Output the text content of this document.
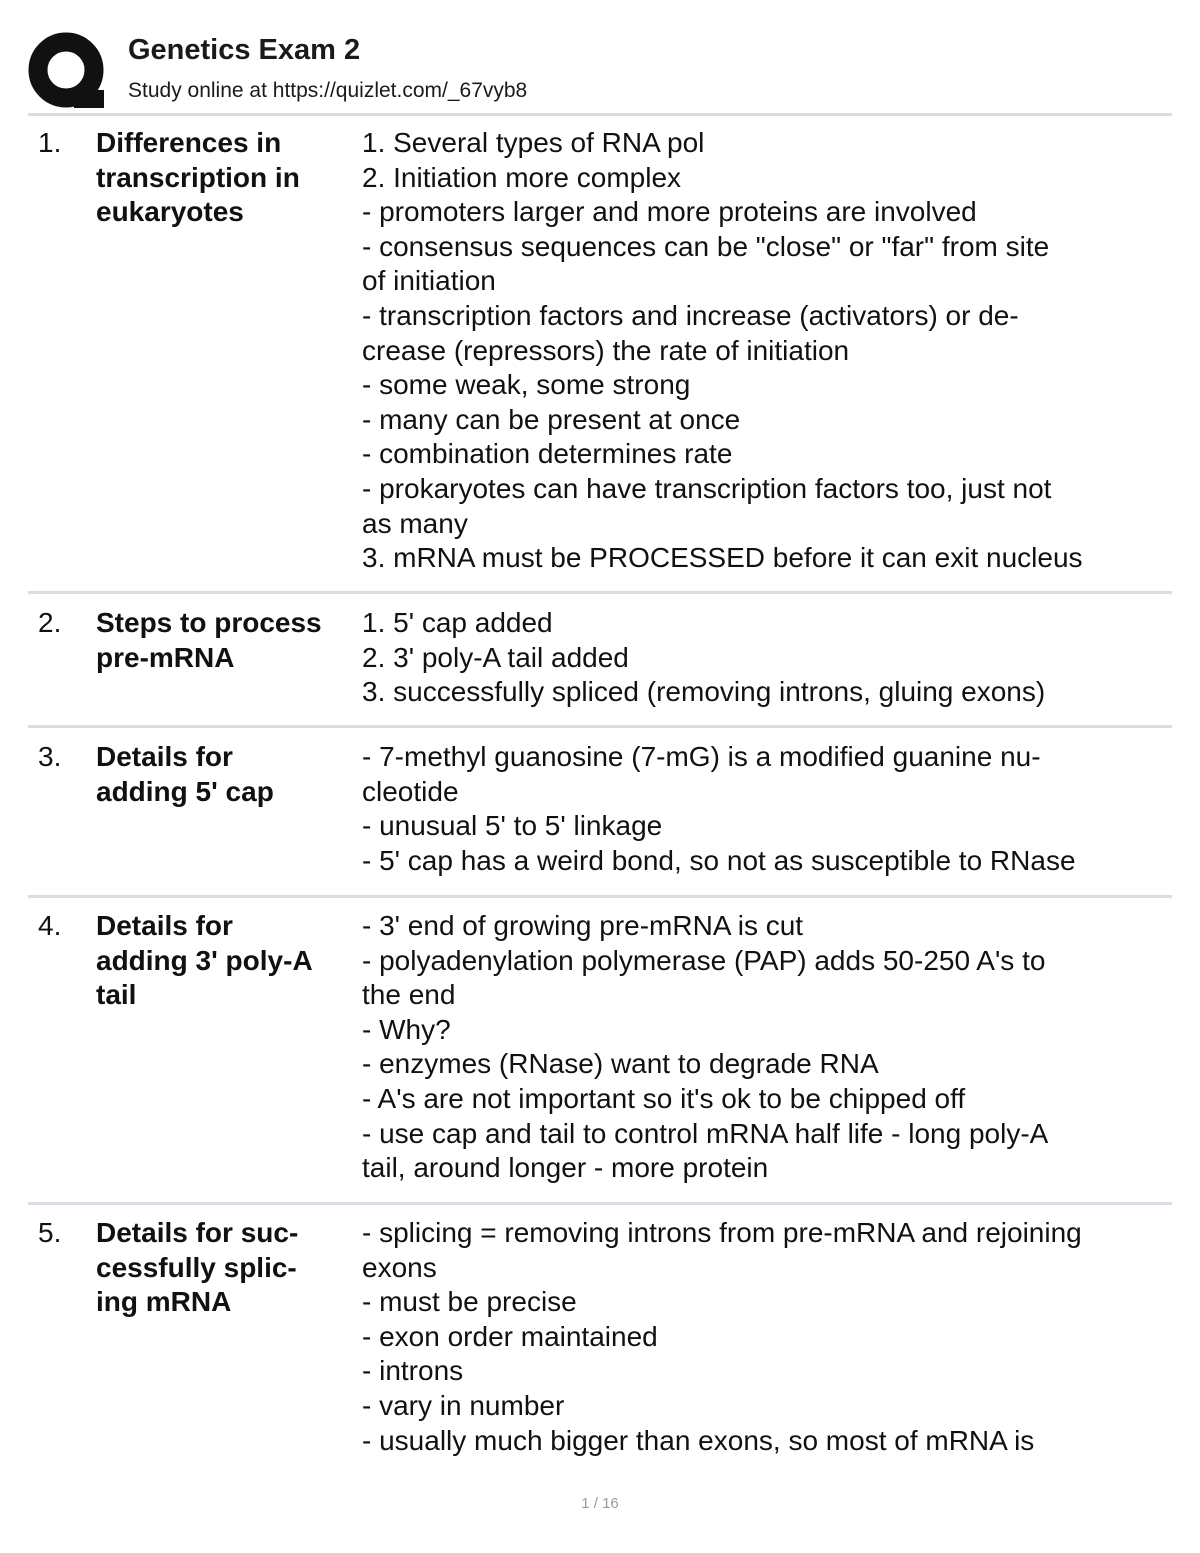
Genetics Exam 2
Study online at https://quizlet.com/_67vyb8
1. Differences in
transcription in
eukaryotes
1. Several types of RNA pol
2. Initiation more complex
- promoters larger and more proteins are involved
- consensus sequences can be "close" or "far" from site
of initiation
- transcription factors and increase (activators) or de-
crease (repressors) the rate of initiation
- some weak, some strong
- many can be present at once
- combination determines rate
- prokaryotes can have transcription factors too, just not
as many
3. mRNA must be PROCESSED before it can exit nucleus
2. Steps to process
pre-mRNA
1. 5' cap added
2. 3' poly-A tail added
3. successfully spliced (removing introns, gluing exons)
3. Details for
adding 5' cap
- 7-methyl guanosine (7-mG) is a modified guanine nu-
cleotide
- unusual 5' to 5' linkage
- 5' cap has a weird bond, so not as susceptible to RNase
4. Details for
adding 3' poly-A
tail
- 3' end of growing pre-mRNA is cut
- polyadenylation polymerase (PAP) adds 50-250 A's to
the end
- Why?
- enzymes (RNase) want to degrade RNA
- A's are not important so it's ok to be chipped off
- use cap and tail to control mRNA half life - long poly-A
tail, around longer - more protein
5. Details for suc-
cessfully splic-
ing mRNA
- splicing = removing introns from pre-mRNA and rejoining
exons
- must be precise
- exon order maintained
- introns
- vary in number
- usually much bigger than exons, so most of mRNA is
1 / 16
